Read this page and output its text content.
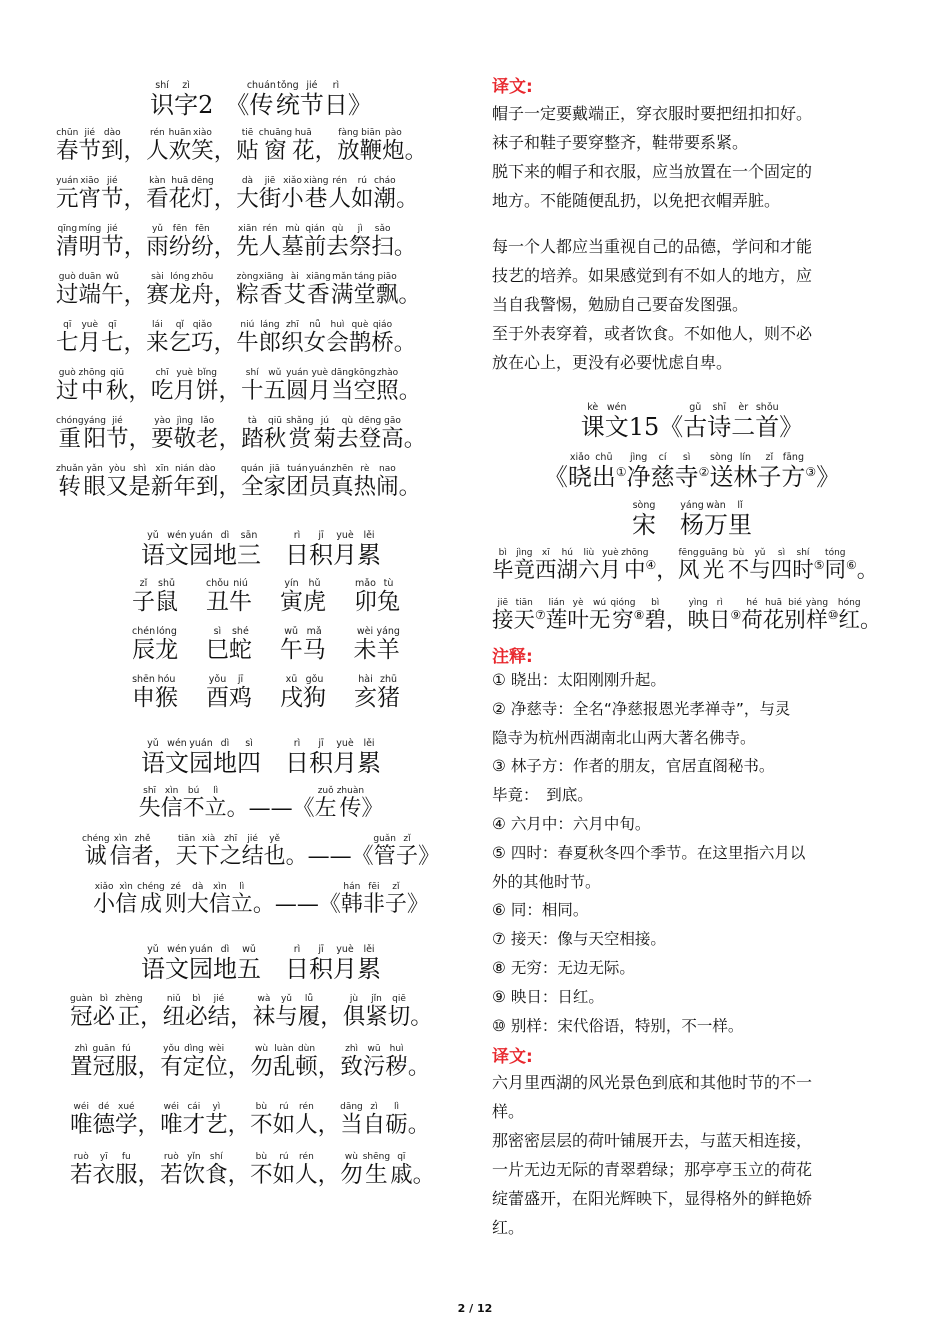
识shí字zì2　《传chuán统tǒng节jié日rì》
春chūn节jié到dào，人rén欢huān笑xiào，贴tiē窗chuāng花huā，放fàng鞭biān炮pào。
元yuán宵xiāo节jié，看kàn花huā灯dēng，大dà街jiē小xiǎo巷xiàng人rén如rú潮cháo。
清qīng明míng节jié，雨yǔ纷fēn纷fēn，先xiān人rén墓mù前qián去qù祭jì扫sǎo。
过guò端duān午wǔ，赛sài龙lóng舟zhōu，粽zòng香xiāng艾ài香xiāng满mǎn堂táng飘piāo。
七qī月yuè七qī，来lái乞qǐ巧qiǎo，牛niú郎láng织zhī女nǚ会huì鹊què桥qiáo。
过guò中zhōng秋qiū，吃chī月yuè饼bǐng，十shí五wǔ圆yuán月yuè当dāng空kōng照zhào。
重chóng阳yáng节jié，要yào敬jìng老lǎo，踏tà秋qiū赏shǎng菊jú去qù登dēng高gāo。
转zhuǎn眼yǎn又yòu是shì新xīn年nián到dào，全quán家jiā团tuán员yuán真zhēn热rè闹nao。
语yǔ文wén园yuán地dì三sān　日rì积jī月yuè累lěi
子zǐ鼠shǔ
丑chǒu牛niú
寅yín虎hǔ
卯mǎo兔tù
辰chén龙lóng
巳sì蛇shé
午wǔ马mǎ
未wèi羊yáng
申shēn猴hóu
酉yǒu鸡jī
戌xū狗gǒu
亥hài猪zhū
语yǔ文wén园yuán地dì四sì　日rì积jī月yuè累lěi
失shī信xìn不bú立lì。——《左zuǒ传zhuàn》
诚chéng信xìn者zhě，天tiān下xià之zhī结jié也yě。——《管guǎn子zǐ》
小xiǎo信xìn成chéng则zé大dà信xìn立lì。——《韩hán非fēi子zǐ》
语yǔ文wén园yuán地dì五wǔ　日rì积jī月yuè累lěi
冠guàn必bì正zhèng，纽niǔ必bì结jié，袜wà与yǔ履lǚ，俱jù紧jǐn切qiē。
置zhì冠guān服fú，有yǒu定dìng位wèi，勿wù乱luàn顿dùn，致zhì污wū秽huì。
唯wéi德dé学xué，唯wéi才cái艺yì，不bù如rú人rén，当dāng自zì砺lì。
若ruò衣yī服fu，若ruò饮yǐn食shí，不bù如rú人rén，勿wù生shēng戚qī。
译文:
帽子一定要戴端正，穿衣服时要把纽扣扣好。
袜子和鞋子要穿整齐，鞋带要系紧。
脱下来的帽子和衣服，应当放置在一个固定的
地方。不能随便乱扔，以免把衣帽弄脏。
每一个人都应当重视自己的品德，学问和才能
技艺的培养。如果感觉到有不如人的地方，应
当自我警惕，勉励自己要奋发图强。
至于外表穿着，或者饮食。不如他人，则不必
放在心上，更没有必要忧虑自卑。
课kè文wén15《古gǔ诗shī二èr首shǒu》
《晓xiǎo出chū①净jìng慈cí寺sì②送sòng林lín子zǐ方fāng③》
宋sòng　杨yáng万wàn里lǐ
毕bì竟jìng西xī湖hú六liù月yuè中zhōng④，风fēng光guāng不bù与yǔ四sì时shí⑤同tóng⑥。
接jiē天tiān⑦莲lián叶yè无wú穷qióng⑧碧bì，映yìng日rì⑨荷hé花huā别bié样yàng⑩红hóng。
注释:
① 晓出：太阳刚刚升起。
② 净慈寺：全名“净慈报恩光孝禅寺”，与灵
隐寺为杭州西湖南北山两大著名佛寺。
③ 林子方：作者的朋友，官居直阁秘书。
毕竟：　到底。
④ 六月中：六月中旬。
⑤ 四时：春夏秋冬四个季节。在这里指六月以
外的其他时节。
⑥ 同：相同。
⑦ 接天：像与天空相接。
⑧ 无穷：无边无际。
⑨ 映日：日红。
⑩ 别样：宋代俗语，特别，不一样。
译文:
六月里西湖的风光景色到底和其他时节的不一
样。
那密密层层的荷叶铺展开去，与蓝天相连接，
一片无边无际的青翠碧绿；那亭亭玉立的荷花
绽蕾盛开，在阳光辉映下，显得格外的鲜艳娇
红。
2 / 12
